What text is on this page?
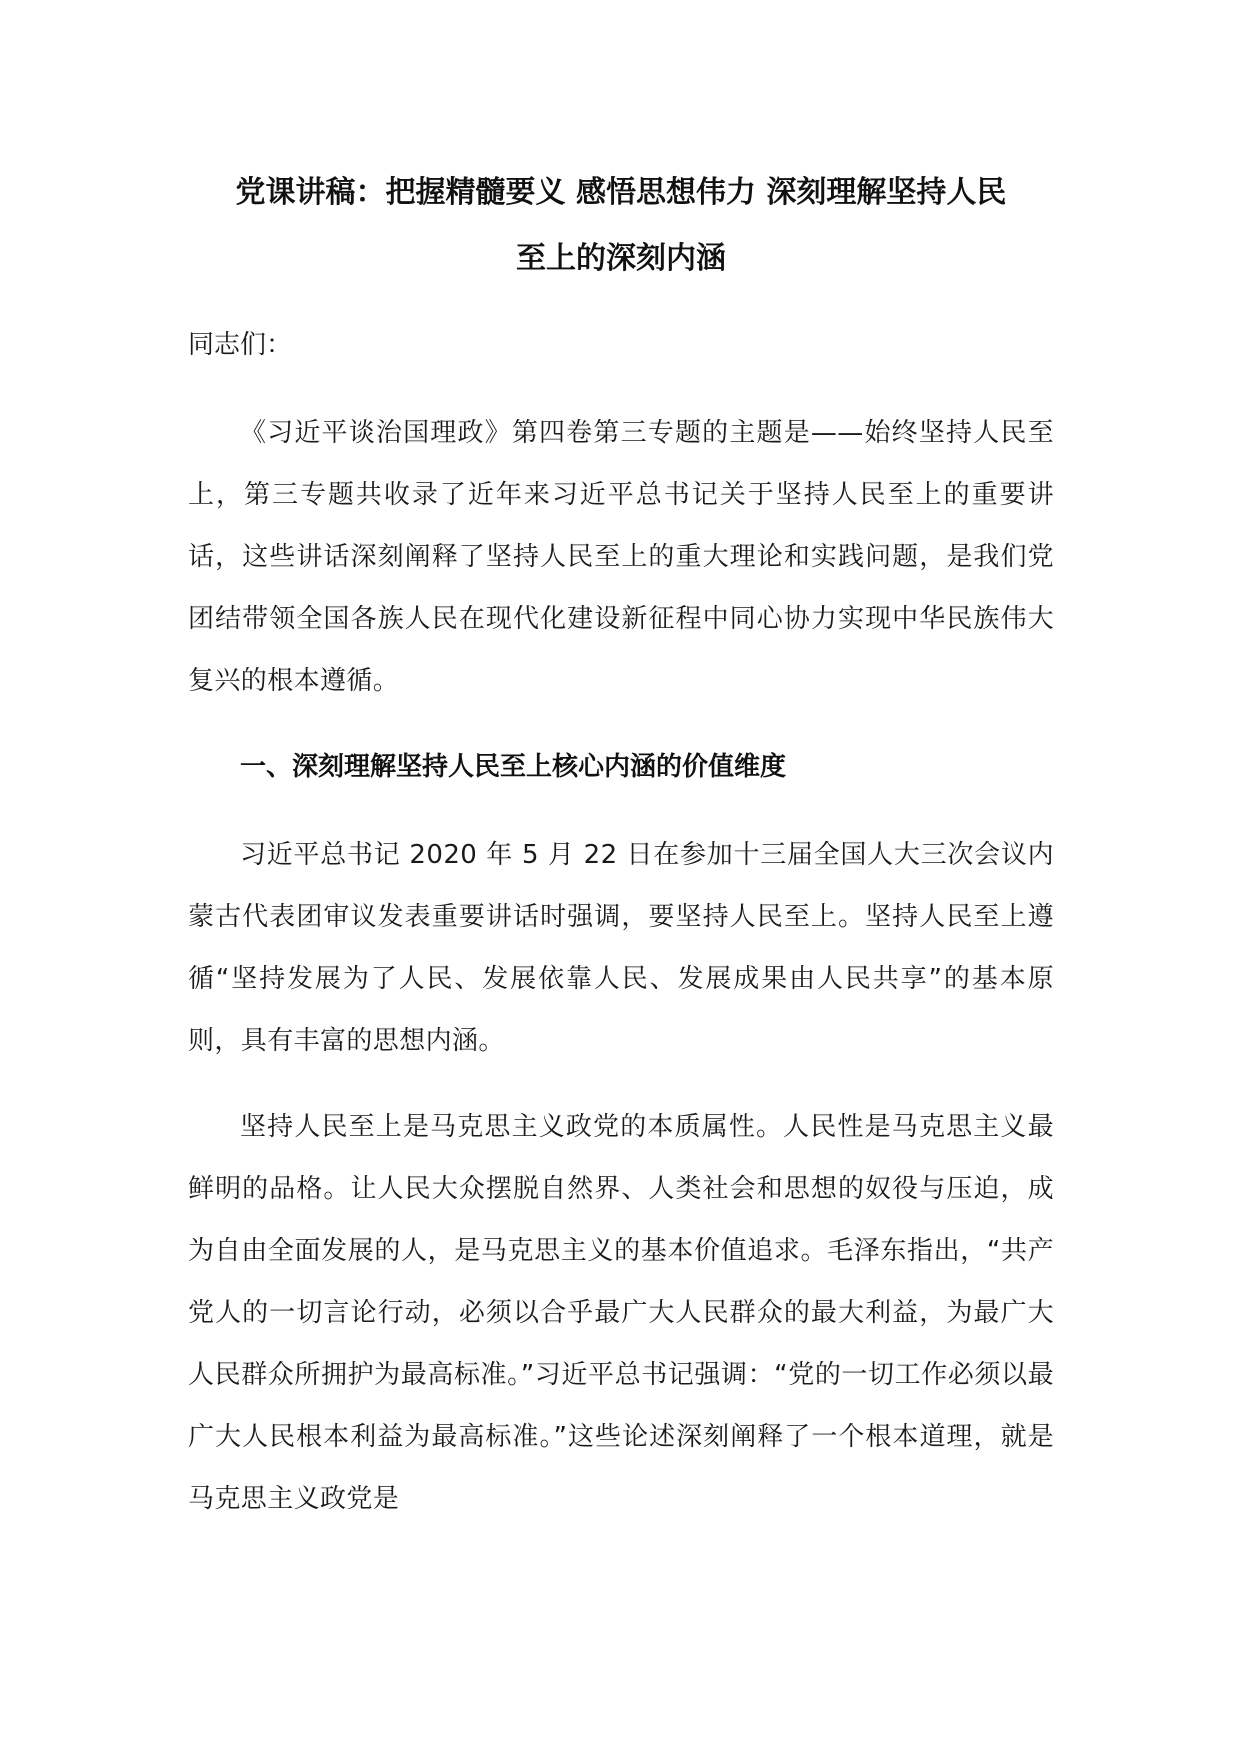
党课讲稿：把握精髓要义 感悟思想伟力 深刻理解坚持人民
至上的深刻内涵

同志们：

《习近平谈治国理政》第四卷第三专题的主题是——始终坚持人民至上，第三专题共收录了近年来习近平总书记关于坚持人民至上的重要讲话，这些讲话深刻阐释了坚持人民至上的重大理论和实践问题，是我们党团结带领全国各族人民在现代化建设新征程中同心协力实现中华民族伟大复兴的根本遵循。

一、深刻理解坚持人民至上核心内涵的价值维度

习近平总书记 2020 年 5 月 22 日在参加十三届全国人大三次会议内蒙古代表团审议发表重要讲话时强调，要坚持人民至上。坚持人民至上遵循“坚持发展为了人民、发展依靠人民、发展成果由人民共享”的基本原则，具有丰富的思想内涵。

坚持人民至上是马克思主义政党的本质属性。人民性是马克思主义最鲜明的品格。让人民大众摆脱自然界、人类社会和思想的奴役与压迫，成为自由全面发展的人，是马克思主义的基本价值追求。毛泽东指出，“共产党人的一切言论行动，必须以合乎最广大人民群众的最大利益，为最广大人民群众所拥护为最高标准。”习近平总书记强调：“党的一切工作必须以最广大人民根本利益为最高标准。”这些论述深刻阐释了一个根本道理，就是马克思主义政党是
